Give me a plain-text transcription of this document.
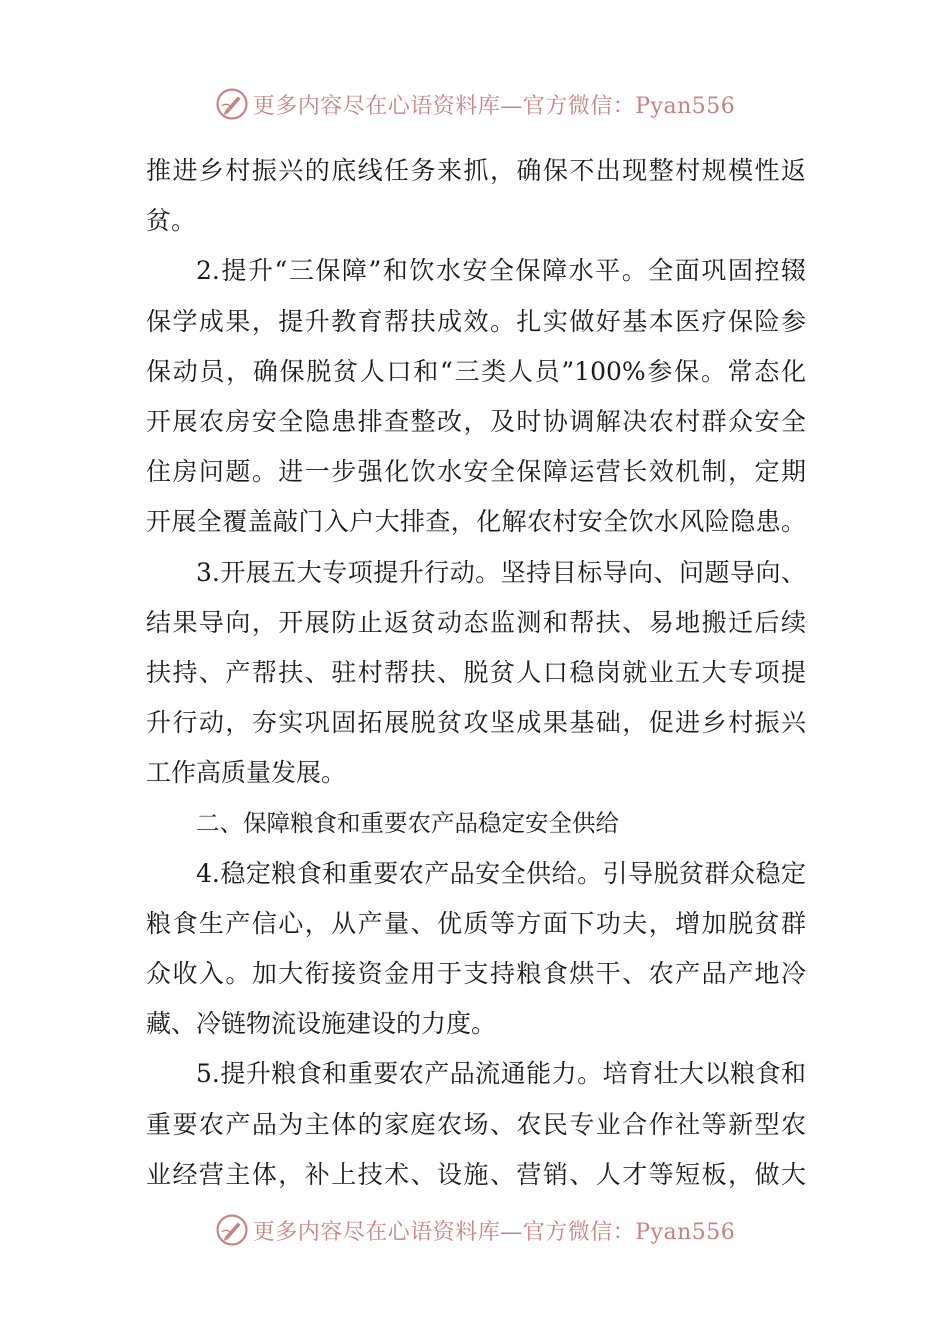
更多内容尽在心语资料库—官方微信：Pyan556
推进乡村振兴的底线任务来抓，确保不出现整村规模性返
贫。
2.提升“三保障”和饮水安全保障水平。全面巩固控辍
保学成果，提升教育帮扶成效。扎实做好基本医疗保险参
保动员，确保脱贫人口和“三类人员”100%参保。常态化
开展农房安全隐患排查整改，及时协调解决农村群众安全
住房问题。进一步强化饮水安全保障运营长效机制，定期
开展全覆盖敲门入户大排查，化解农村安全饮水风险隐患。
3.开展五大专项提升行动。坚持目标导向、问题导向、
结果导向，开展防止返贫动态监测和帮扶、易地搬迁后续
扶持、产帮扶、驻村帮扶、脱贫人口稳岗就业五大专项提
升行动，夯实巩固拓展脱贫攻坚成果基础，促进乡村振兴
工作高质量发展。
二、保障粮食和重要农产品稳定安全供给
4.稳定粮食和重要农产品安全供给。引导脱贫群众稳定
粮食生产信心，从产量、优质等方面下功夫，增加脱贫群
众收入。加大衔接资金用于支持粮食烘干、农产品产地冷
藏、冷链物流设施建设的力度。
5.提升粮食和重要农产品流通能力。培育壮大以粮食和
重要农产品为主体的家庭农场、农民专业合作社等新型农
业经营主体，补上技术、设施、营销、人才等短板，做大
更多内容尽在心语资料库—官方微信：Pyan556
